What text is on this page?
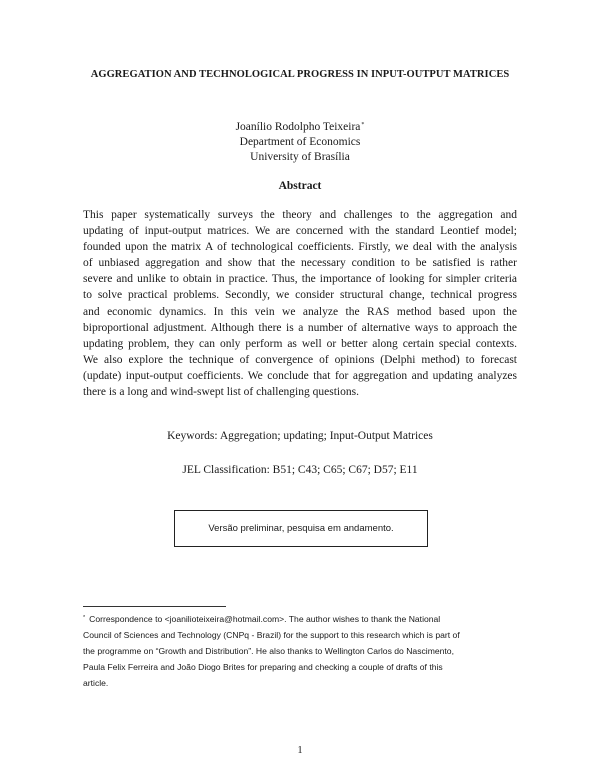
AGGREGATION AND TECHNOLOGICAL PROGRESS IN INPUT-OUTPUT MATRICES
Joanílio Rodolpho Teixeira*
Department of Economics
University of Brasília
Abstract
This paper systematically surveys the theory and challenges to the aggregation and
updating of input-output matrices. We are concerned with the standard Leontief model;
founded upon the matrix A of technological coefficients. Firstly, we deal with the analysis
of unbiased aggregation and show that the necessary condition to be satisfied is rather
severe and unlike to obtain in practice. Thus, the importance of looking for simpler criteria
to solve practical problems. Secondly, we consider structural change, technical progress
and economic dynamics. In this vein we analyze the RAS method based upon the
biproportional adjustment. Although there is a number of alternative ways to approach the
updating problem, they can only perform as well or better along certain special contexts.
We also explore the technique of convergence of opinions (Delphi method) to forecast
(update) input-output coefficients. We conclude that for aggregation and updating analyzes
there is a long and wind-swept list of challenging questions.
Keywords: Aggregation; updating; Input-Output Matrices
JEL Classification: B51; C43; C65; C67; D57; E11
Versão preliminar, pesquisa em andamento.
* Correspondence to <joanilioteixeira@hotmail.com>. The author wishes to thank the National
Council of Sciences and Technology (CNPq - Brazil) for the support to this research which is part of
the programme on “Growth and Distribution”. He also thanks to Wellington Carlos do Nascimento,
Paula Felix Ferreira and João Diogo Brites for preparing and checking a couple of drafts of this
article.
1
